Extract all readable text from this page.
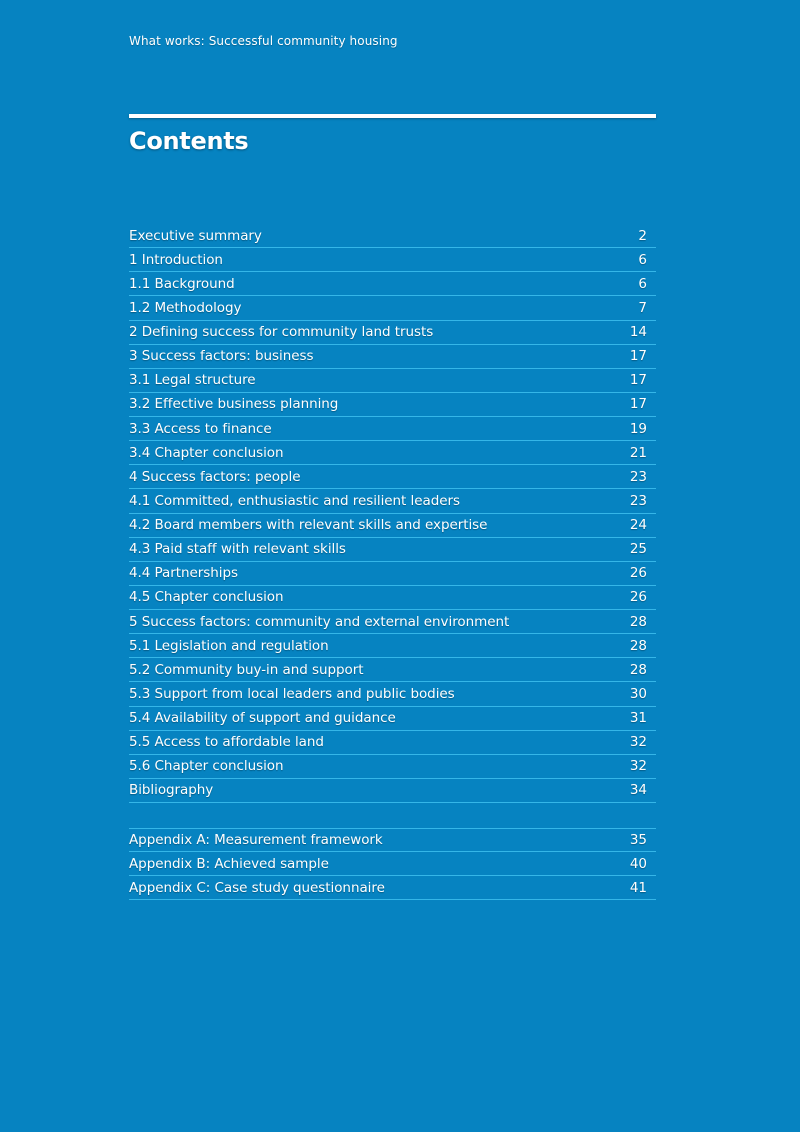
What works: Successful community housing
Contents
Executive summary	2
1 Introduction	6
1.1 Background	6
1.2 Methodology	7
2 Defining success for community land trusts	14
3 Success factors: business	17
3.1 Legal structure	17
3.2 Effective business planning	17
3.3 Access to finance	19
3.4 Chapter conclusion	21
4 Success factors: people	23
4.1 Committed, enthusiastic and resilient leaders	23
4.2 Board members with relevant skills and expertise	24
4.3 Paid staff with relevant skills	25
4.4 Partnerships	26
4.5 Chapter conclusion	26
5 Success factors: community and external environment	28
5.1 Legislation and regulation	28
5.2 Community buy-in and support	28
5.3 Support from local leaders and public bodies	30
5.4 Availability of support and guidance	31
5.5 Access to affordable land	32
5.6 Chapter conclusion	32
Bibliography	34
Appendix A: Measurement framework	35
Appendix B: Achieved sample	40
Appendix C: Case study questionnaire	41
